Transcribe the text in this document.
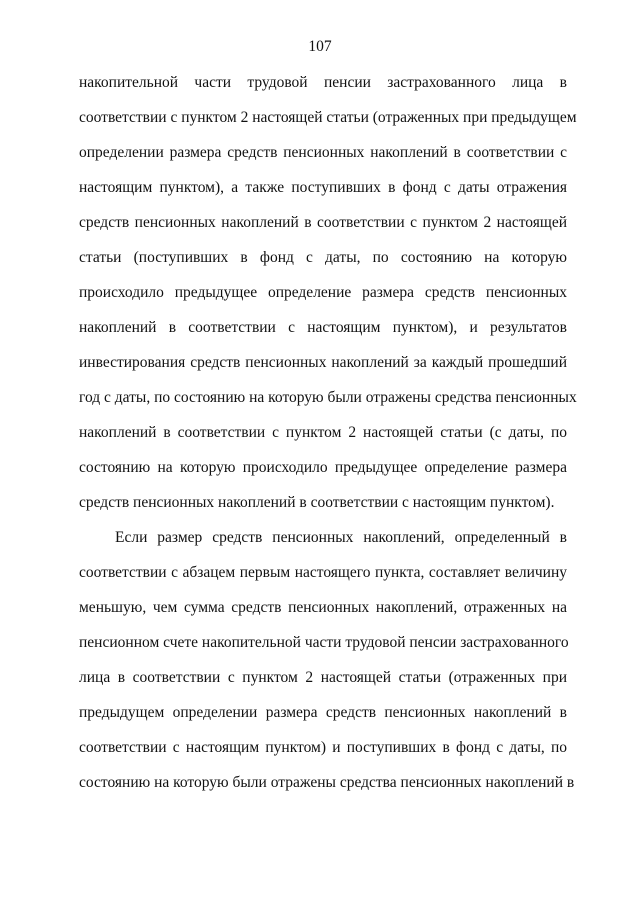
107
накопительной части трудовой пенсии застрахованного лица в
соответствии с пунктом 2 настоящей статьи (отраженных при предыдущем
определении размера средств пенсионных накоплений в соответствии с
настоящим пунктом), а также поступивших в фонд с даты отражения
средств пенсионных накоплений в соответствии с пунктом 2 настоящей
статьи (поступивших в фонд с даты, по состоянию на которую
происходило предыдущее определение размера средств пенсионных
накоплений в соответствии с настоящим пунктом), и результатов
инвестирования средств пенсионных накоплений за каждый прошедший
год с даты, по состоянию на которую были отражены средства пенсионных
накоплений в соответствии с пунктом 2 настоящей статьи (с даты, по
состоянию на которую происходило предыдущее определение размера
средств пенсионных накоплений в соответствии с настоящим пунктом).
Если размер средств пенсионных накоплений, определенный в
соответствии с абзацем первым настоящего пункта, составляет величину
меньшую, чем сумма средств пенсионных накоплений, отраженных на
пенсионном счете накопительной части трудовой пенсии застрахованного
лица в соответствии с пунктом 2 настоящей статьи (отраженных при
предыдущем определении размера средств пенсионных накоплений в
соответствии с настоящим пунктом) и поступивших в фонд с даты, по
состоянию на которую были отражены средства пенсионных накоплений в
